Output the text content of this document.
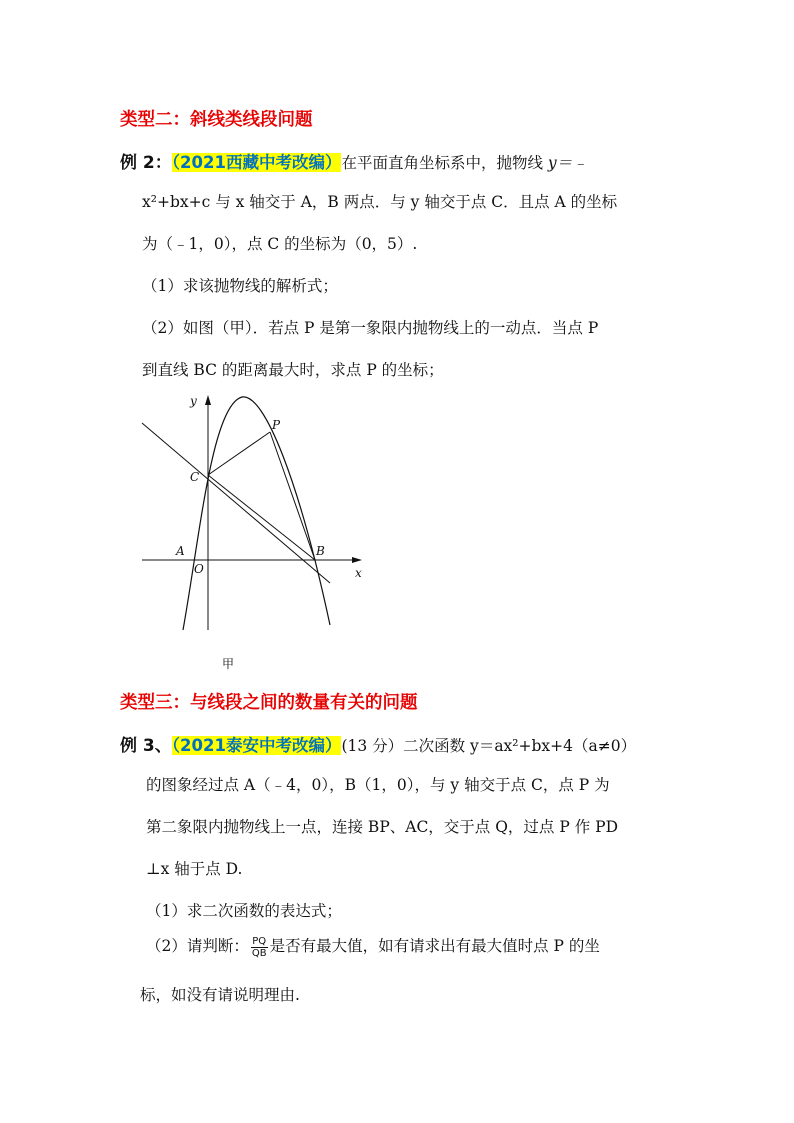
类型二：斜线类线段问题
例 2：（2021西藏中考改编）在平面直角坐标系中，抛物线 y＝﹣
x²+bx+c 与 x 轴交于 A，B 两点．与 y 轴交于点 C．且点 A 的坐标
为（﹣1，0），点 C 的坐标为（0，5）.
（1）求该抛物线的解析式；
（2）如图（甲）．若点 P 是第一象限内抛物线上的一动点．当点 P
到直线 BC 的距离最大时，求点 P 的坐标；
y
x
O
A	B
C
P
甲
类型三：与线段之间的数量有关的问题
例 3、（2021泰安中考改编）(13 分）二次函数 y＝ax²+bx+4（a≠0）
的图象经过点 A（﹣4，0），B（1，0），与 y 轴交于点 C，点 P 为
第二象限内抛物线上一点，连接 BP、AC，交于点 Q，过点 P 作 PD
⊥x 轴于点 D.
（1）求二次函数的表达式；
（2）请判断： $\frac{PQ}{QB}$ 是否有最大值，如有请求出有最大值时点 P 的坐
标，如没有请说明理由.
